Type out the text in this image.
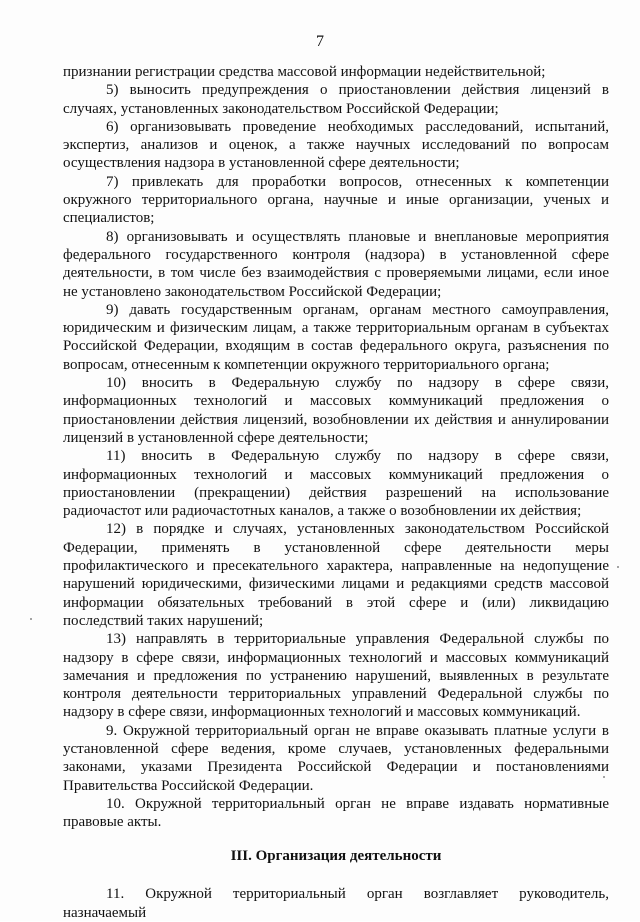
7

признании регистрации средства массовой информации недействительной;

5) выносить предупреждения о приостановлении действия лицензий в случаях, установленных законодательством Российской Федерации;

6) организовывать проведение необходимых расследований, испытаний, экспертиз, анализов и оценок, а также научных исследований по вопросам осуществления надзора в установленной сфере деятельности;

7) привлекать для проработки вопросов, отнесенных к компетенции окружного территориального органа, научные и иные организации, ученых и специалистов;

8) организовывать и осуществлять плановые и внеплановые мероприятия федерального государственного контроля (надзора) в установленной сфере деятельности, в том числе без взаимодействия с проверяемыми лицами, если иное не установлено законодательством Российской Федерации;

9) давать государственным органам, органам местного самоуправления, юридическим и физическим лицам, а также территориальным органам в субъектах Российской Федерации, входящим в состав федерального округа, разъяснения по вопросам, отнесенным к компетенции окружного территориального органа;

10) вносить в Федеральную службу по надзору в сфере связи, информационных технологий и массовых коммуникаций предложения о приостановлении действия лицензий, возобновлении их действия и аннулировании лицензий в установленной сфере деятельности;

11) вносить в Федеральную службу по надзору в сфере связи, информационных технологий и массовых коммуникаций предложения о приостановлении (прекращении) действия разрешений на использование радиочастот или радиочастотных каналов, а также о возобновлении их действия;

12) в порядке и случаях, установленных законодательством Российской Федерации, применять в установленной сфере деятельности меры профилактического и пресекательного характера, направленные на недопущение нарушений юридическими, физическими лицами и редакциями средств массовой информации обязательных требований в этой сфере и (или) ликвидацию последствий таких нарушений;

13) направлять в территориальные управления Федеральной службы по надзору в сфере связи, информационных технологий и массовых коммуникаций замечания и предложения по устранению нарушений, выявленных в результате контроля деятельности территориальных управлений Федеральной службы по надзору в сфере связи, информационных технологий и массовых коммуникаций.

9. Окружной территориальный орган не вправе оказывать платные услуги в установленной сфере ведения, кроме случаев, установленных федеральными законами, указами Президента Российской Федерации и постановлениями Правительства Российской Федерации.

10. Окружной территориальный орган не вправе издавать нормативные правовые акты.

III. Организация деятельности

11. Окружной территориальный орган возглавляет руководитель, назначаемый
